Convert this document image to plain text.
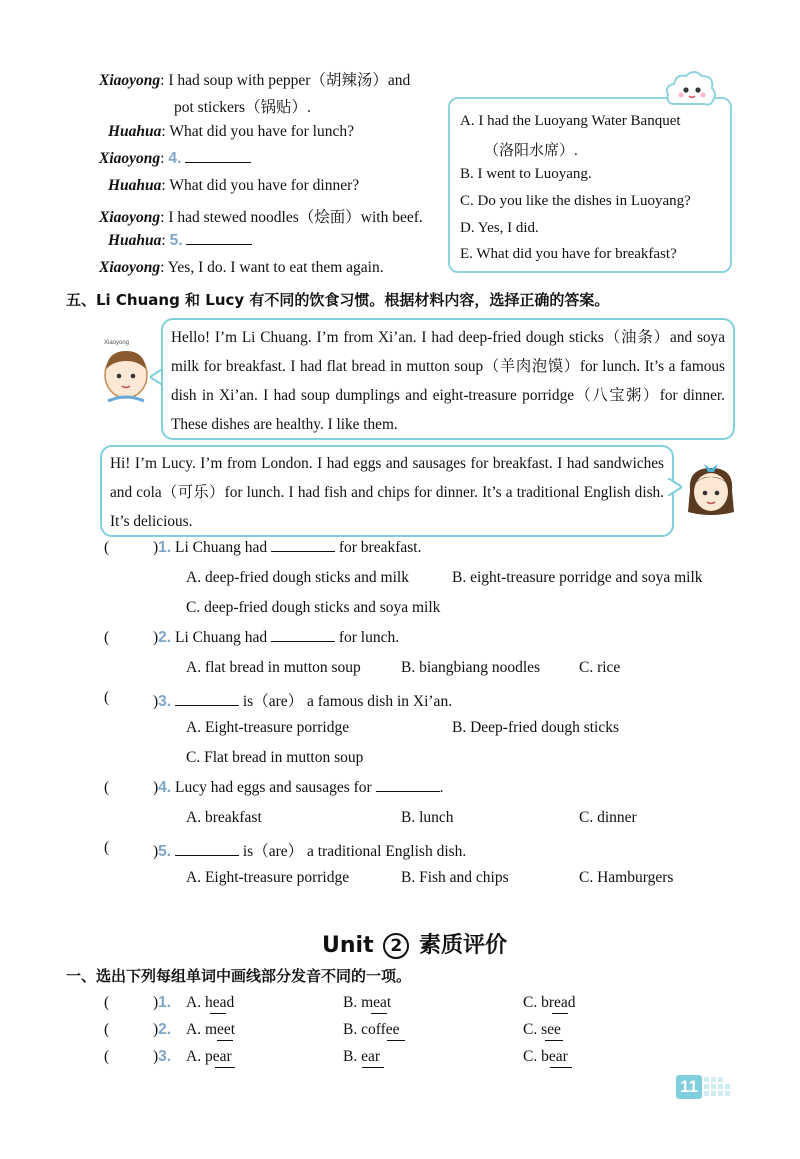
Xiaoyong: I had soup with pepper（胡辣汤）and
pot stickers（锅贴）.
Huahua: What did you have for lunch?
Xiaoyong: 4.
Huahua: What did you have for dinner?
Xiaoyong: I had stewed noodles（烩面）with beef.
Huahua: 5.
Xiaoyong: Yes, I do. I want to eat them again.
A. I had the Luoyang Water Banquet
（洛阳水席）.
B. I went to Luoyang.
C. Do you like the dishes in Luoyang?
D. Yes, I did.
E. What did you have for breakfast?
五、Li Chuang 和 Lucy 有不同的饮食习惯。根据材料内容，选择正确的答案。
Xiaoyong	Hello! I’m Li Chuang. I’m from Xi’an. I had deep-fried dough sticks（油条）and soya milk for breakfast. I had flat bread in mutton soup（羊肉泡馍）for lunch. It’s a famous dish in Xi’an. I had soup dumplings and eight-treasure porridge（八宝粥）for dinner. These dishes are healthy. I like them.

Hi! I’m Lucy. I’m from London. I had eggs and sausages for breakfast. I had sandwiches and cola（可乐）for lunch. I had fish and chips for dinner. It’s a traditional English dish. It’s delicious.

(	)1. Li Chuang had	for breakfast.
A. deep-fried dough sticks and milk	B. eight-treasure porridge and soya milk
C. deep-fried dough sticks and soya milk
(	)2. Li Chuang had	for lunch.
A. flat bread in mutton soup	B. biangbiang noodles	C. rice
(	)3.	is（are） a famous dish in Xi’an.
A. Eight-treasure porridge	B. Deep-fried dough sticks
C. Flat bread in mutton soup
(	)4. Lucy had eggs and sausages for	.
A. breakfast	B. lunch	C. dinner
(	)5.	is（are） a traditional English dish.
A. Eight-treasure porridge	B. Fish and chips	C. Hamburgers
Unit 2 素质评价
一、选出下列每组单词中画线部分发音不同的一项。
(	)1. A. head	B. meat	C. bread
(	)2. A. meet	B. coffee	C. see
(	)3. A. pear	B. ear	C. bear
11
